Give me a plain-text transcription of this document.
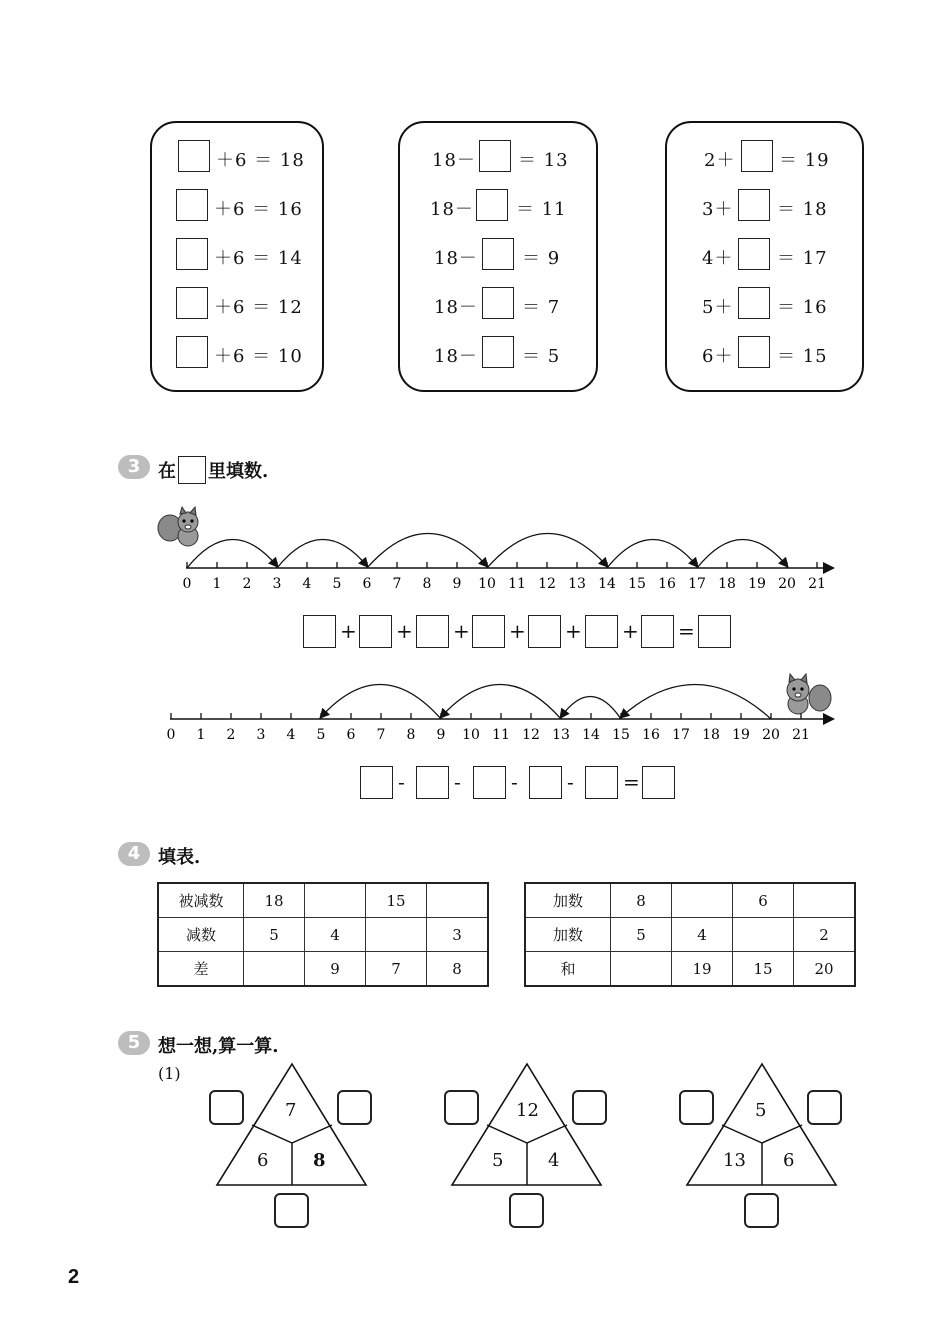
＋6 ＝ 18
＋6 ＝ 16
＋6 ＝ 14
＋6 ＝ 12
＋6 ＝ 10
18－ ＝ 13
18－ ＝ 11
18－ ＝ 9
18－ ＝ 7
18－ ＝ 5
2＋ ＝ 19
3＋ ＝ 18
4＋ ＝ 17
5＋ ＝ 16
6＋ ＝ 15
3 在 里填数.
0 1 2 3 4 5 6 7 8 9 10 11 12 13 14 15 16 17 18 19 20 21
+ + + + + + =
0 1 2 3 4 5 6 7 8 9 10 11 12 13 14 15 16 17 18 19 20 21
- -	- - =
4 填表.
被减数	18		15	
减数	5	4		3
差		9	7	8
加数	8		6	
加数	5	4		2
和		19	15	20
5 想一想,算一算.
(1)
7
6 8
12
5 4
5
13 6
2
